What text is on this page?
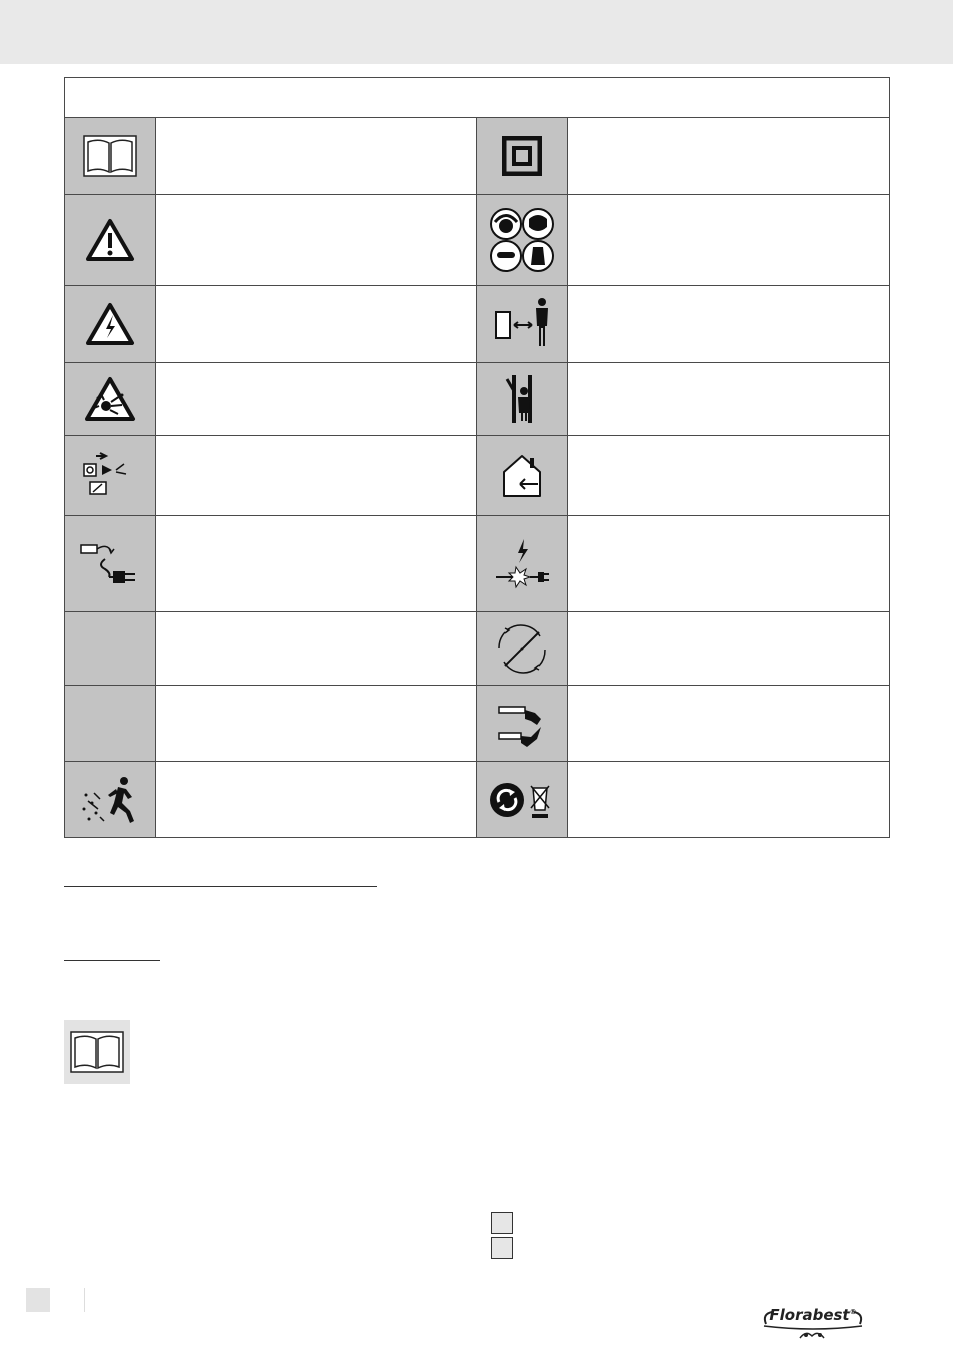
Florabest®
